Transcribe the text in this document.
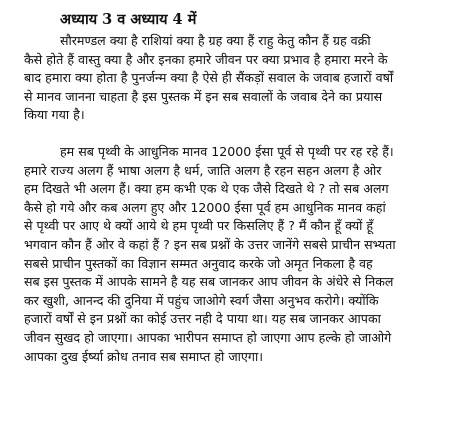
अध्याय 3 व अध्याय 4 में

सौरमण्डल क्या है राशियां क्या है ग्रह क्या हैं राहु केतु कौन हैं ग्रह वक्री
कैसे होते हैं वास्तु क्या है और इनका हमारे जीवन पर क्या प्रभाव है हमारा मरने के
बाद हमारा क्या होता है पुनर्जन्म क्या है ऐसे ही सैंकड़ों सवाल के जवाब हजारों वर्षों
से मानव जानना चाहता है इस पुस्तक में इन सब सवालों के जवाब देने का प्रयास
किया गया है।

हम सब पृथ्वी के आधुनिक मानव 12000 ईसा पूर्व से पृथ्वी पर रह रहे हैं।
हमारे राज्य अलग हैं भाषा अलग है धर्म, जाति अलग है रहन सहन अलग है ओर
हम दिखते भी अलग हैं। क्या हम कभी एक थे एक जैसे दिखते थे ? तो सब अलग
कैसे हो गये और कब अलग हुए और 12000 ईसा पूर्व हम आधुनिक मानव कहां
से पृथ्वी पर आए थे क्यों आये थे हम पृथ्वी पर किसलिए हैं ? मैं कौन हूँ क्यों हूँ
भगवान कौन हैं ओर वे कहां हैं ? इन सब प्रश्नों के उत्तर जानेंगे सबसे प्राचीन सभ्यता
सबसे प्राचीन पुस्तकों का विज्ञान सम्मत अनुवाद करके जो अमृत निकला है वह
सब इस पुस्तक में आपके सामने है यह सब जानकर आप जीवन के अंधेरे से निकल
कर खुशी, आनन्द की दुनिया में पहुंच जाओगे स्वर्ग जैसा अनुभव करोगे। क्योंकि
हजारों वर्षों से इन प्रश्नों का कोई उत्तर नही दे पाया था। यह सब जानकर आपका
जीवन सुखद हो जाएगा। आपका भारीपन समाप्त हो जाएगा आप हल्के हो जाओगे
आपका दुख ईर्ष्या क्रोध तनाव सब समाप्त हो जाएगा।
